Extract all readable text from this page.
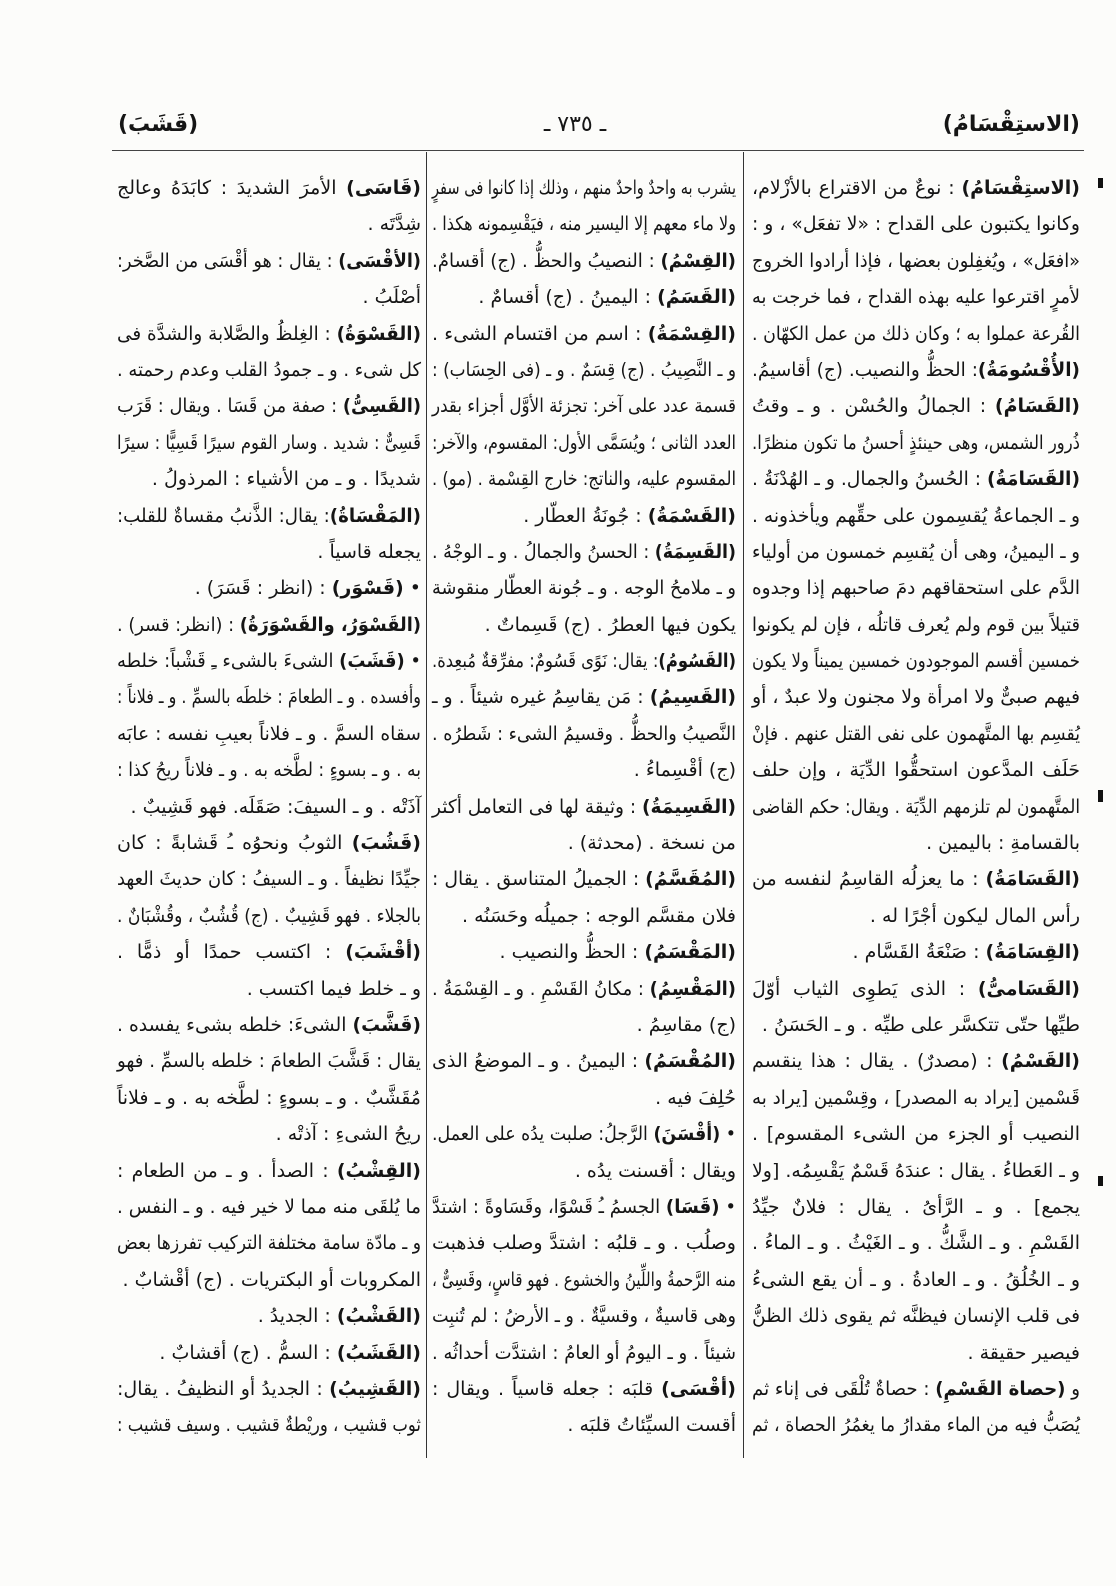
(الاستِقْسَامُ)
ـ ٧٣٥ ـ
(قَشَبَ)
(الاستِقْسَامُ) : نوعٌ من الاقتراع بالأزْلام،
وكانوا يكتبون على القداح : «لا تفعَل» ، و :
«افعَل» ، ويُغفِلون بعضها ، فإذا أرادوا الخروج
لأمرٍ اقترعوا عليه بهذه القداح ، فما خرجت به
القُرعة عملوا به ؛ وكان ذلك من عمل الكهّان .
(الأُقْسُومَةُ): الحظُّ والنصيب. (ج) أقاسيمُ.
(القَسَامُ) : الجمالُ والحُسْن . و ـ وقتُ
ذُرور الشمس، وهى حينئذٍ أحسنُ ما تكون منظرًا.
(القَسَامَةُ) : الحُسنُ والجمال. و ـ الهُدْنَةُ .
و ـ الجماعةُ يُقسِمون على حقِّهم ويأخذونه .
و ـ اليمينُ، وهى أن يُقسِم خمسون من أولياء
الدَّم على استحقاقهم دمَ صاحبهم إذا وجدوه
قتيلاً بين قوم ولم يُعرف قاتلُه ، فإن لم يكونوا
خمسين أقسم الموجودون خمسين يميناً ولا يكون
فيهم صبىٌّ ولا امرأة ولا مجنون ولا عبدٌ ، أو
يُقسِم بها المتَّهمون على نفى القتل عنهم . فإنْ
حَلَف المدَّعون استحقُّوا الدِّيَة ، وإن حلف
المتَّهمون لم تلزمهم الدِّيَة . ويقال: حكم القاضى
بالقسامةِ : باليمين .
(القَسَامَةُ) : ما يعزلُه القاسِمُ لنفسه من
رأس المال ليكون أجْرًا له .
(القِسَامَةُ) : صَنْعَةُ القَسَّام .
(القَسَامىُّ) : الذى يَطوِى الثياب أوّلَ
طيِّها حتّى تتكسَّر على طيِّه . و ـ الحَسَنُ .
(القَسْمُ) : (مصدرٌ) . يقال : هذا ينقسم
قَسْمين [يراد به المصدر] ، وقِسْمين [يراد به
النصيب أو الجزء من الشىء المقسوم] .
و ـ العَطاءُ . يقال : عندَهُ قَسْمٌ يَقْسِمُه. [ولا
يجمع] . و ـ الرَّأىُ . يقال : فلانٌ جيِّدُ
القَسْمِ . و ـ الشَّكُّ . و ـ الغَيْثُ . و ـ الماءُ .
و ـ الخُلُقُ . و ـ العادةُ . و ـ أن يقع الشىءُ
فى قلب الإنسان فيظنَّه ثم يقوى ذلك الظنُّ
فيصير حقيقة .
و (حصاة القَسْمِ) : حصاةٌ تُلْقَى فى إناء ثم
يُصَبُّ فيه من الماء مقدارُ ما يغمُرُ الحصاة ، ثم
يشرب به واحدٌ واحدٌ منهم ، وذلك إذا كانوا فى سفرٍ
ولا ماء معهم إلا اليسير منه ، فيَقْسِمونه هكذا .
(القِسْمُ) : النصيبُ والحظُّ . (ج) أقسامٌ.
(القَسَمُ) : اليمينُ . (ج) أقسامٌ .
(القِسْمَةُ) : اسم من اقتسام الشىء .
و ـ النَّصِيبُ . (ج) قِسَمٌ . و ـ (فى الحِسَاب) :
قسمة عدد على آخر: تجزئة الأوَّل أجزاء بقدر
العدد الثانى ؛ ويُسَمَّى الأول: المقسوم، والآخر:
المقسوم عليه، والناتج: خارج القِسْمة . (مو) .
(القَسْمَةُ) : جُونَةُ العطّار .
(القَسِمَةُ) : الحسنُ والجمالُ . و ـ الوجْهُ .
و ـ ملامحُ الوجه . و ـ جُونة العطّار منقوشة
يكون فيها العطرُ . (ج) قَسِماتٌ .
(القَسُومُ): يقال: نَوًى قَسُومٌ: مفرِّقةٌ مُبعِدة.
(القَسِيمُ) : مَن يقاسِمُ غيره شيئاً . و ـ
النَّصيبُ والحظُّ . وقسيمُ الشىء : شَطرُه .
(ج) أقْسِماءُ .
(القَسِيمَةُ) : وثيقة لها فى التعامل أكثر
من نسخة . (محدثة) .
(المُقَسَّمُ) : الجميلُ المتناسق . يقال :
فلان مقسَّم الوجه : جميلُه وحَسَنُه .
(المَقْسَمُ) : الحظُّ والنصيب .
(المَقْسِمُ) : مكانُ القَسْمِ . و ـ القِسْمَةُ .
(ج) مقاسِمُ .
(المُقْسَمُ) : اليمينُ . و ـ الموضعُ الذى
حُلِفَ فيه .
• (أقْسَنَ) الرَّجلُ: صلبت يدُه على العمل.
ويقال : أقسنت يدُه .
• (قَسَا) الجسمُ ـُ قَسْوًا، وقَسَاوةً : اشتدَّ
وصلُب . و ـ قلبُه : اشتدَّ وصلب فذهبت
منه الرَّحمةُ واللِّينُ والخشوع . فهو قاسٍ، وقَسِىٌّ ،
وهى قاسيةٌ ، وقسيَّةٌ . و ـ الأرضُ : لم تُنبِت
شيئاً . و ـ اليومُ أو العامُ : اشتدَّت أحداثُه .
(أقْسَى) قلبَه : جعله قاسياً . ويقال :
أقست السيِّئاتُ قلبَه .
(قَاسَى) الأمرَ الشديدَ : كابَدَهُ وعالج
شِدَّتَه .
(الأقْسَى) : يقال : هو أقْسَى من الصَّخر:
أصْلَبُ .
(القَسْوَةُ) : الغِلظُ والصَّلابة والشدَّة فى
كل شىء . و ـ جمودُ القلب وعدم رحمته .
(القَسِىُّ) : صفة من قَسَا . ويقال : قَرَب
قَسِىٌّ : شديد . وسار القوم سيرًا قَسِيًّا : سيرًا
شديدًا . و ـ من الأشياء : المرذولُ .
(المَقْسَاةُ): يقال: الذَّنبُ مقساةٌ للقلب:
يجعله قاسياً .
• (قَسْوَر) : (انظر : قَسَرَ) .
(القَسْوَرُ، والقَسْوَرَةُ) : (انظر: قسر) .
• (قَشَبَ) الشىءَ بالشىء ـِ قَشْباً: خلطه
وأفسده . و ـ الطعامَ : خلطَه بالسمِّ . و ـ فلاناً :
سقاه السمَّ . و ـ فلاناً بعيبِ نفسه : عابَه
به . و ـ بسوءٍ : لطَّخه به . و ـ فلاناً ريحُ كذا :
آذَتْه . و ـ السيفَ: صَقَلَه. فهو قَشِيبٌ .
(قَشُبَ) الثوبُ ونحوُه ـُ قَشابةً : كان
جيِّدًا نظيفاً . و ـ السيفُ : كان حديثَ العهد
بالجلاء . فهو قَشِيبٌ . (ج) قُشُبٌ ، وقُشْبَانٌ .
(أقْشَبَ) : اكتسب حمدًا أو ذمًّا .
و ـ خلط فيما اكتسب .
(قَشَّبَ) الشىءَ: خلطه بشىء يفسده .
يقال : قَشَّبَ الطعامَ : خلطه بالسمِّ . فهو
مُقَشَّبٌ . و ـ بسوءٍ : لطَّخه به . و ـ فلاناً
ريحُ الشىءِ : آذتْه .
(القِشْبُ) : الصدأ . و ـ من الطعام :
ما يُلقَى منه مما لا خير فيه . و ـ النفس .
و ـ مادّة سامة مختلفة التركيب تفرزها بعض
المكروبات أو البكتريات . (ج) أقْشابٌ .
(القَشْبُ) : الجديدُ .
(القَشَبُ) : السمُّ . (ج) أقشابٌ .
(القَشِيبُ) : الجديدُ أو النظيفُ . يقال:
ثوب قشيب ، وريْطةٌ قشيب . وسيف قشيب :
